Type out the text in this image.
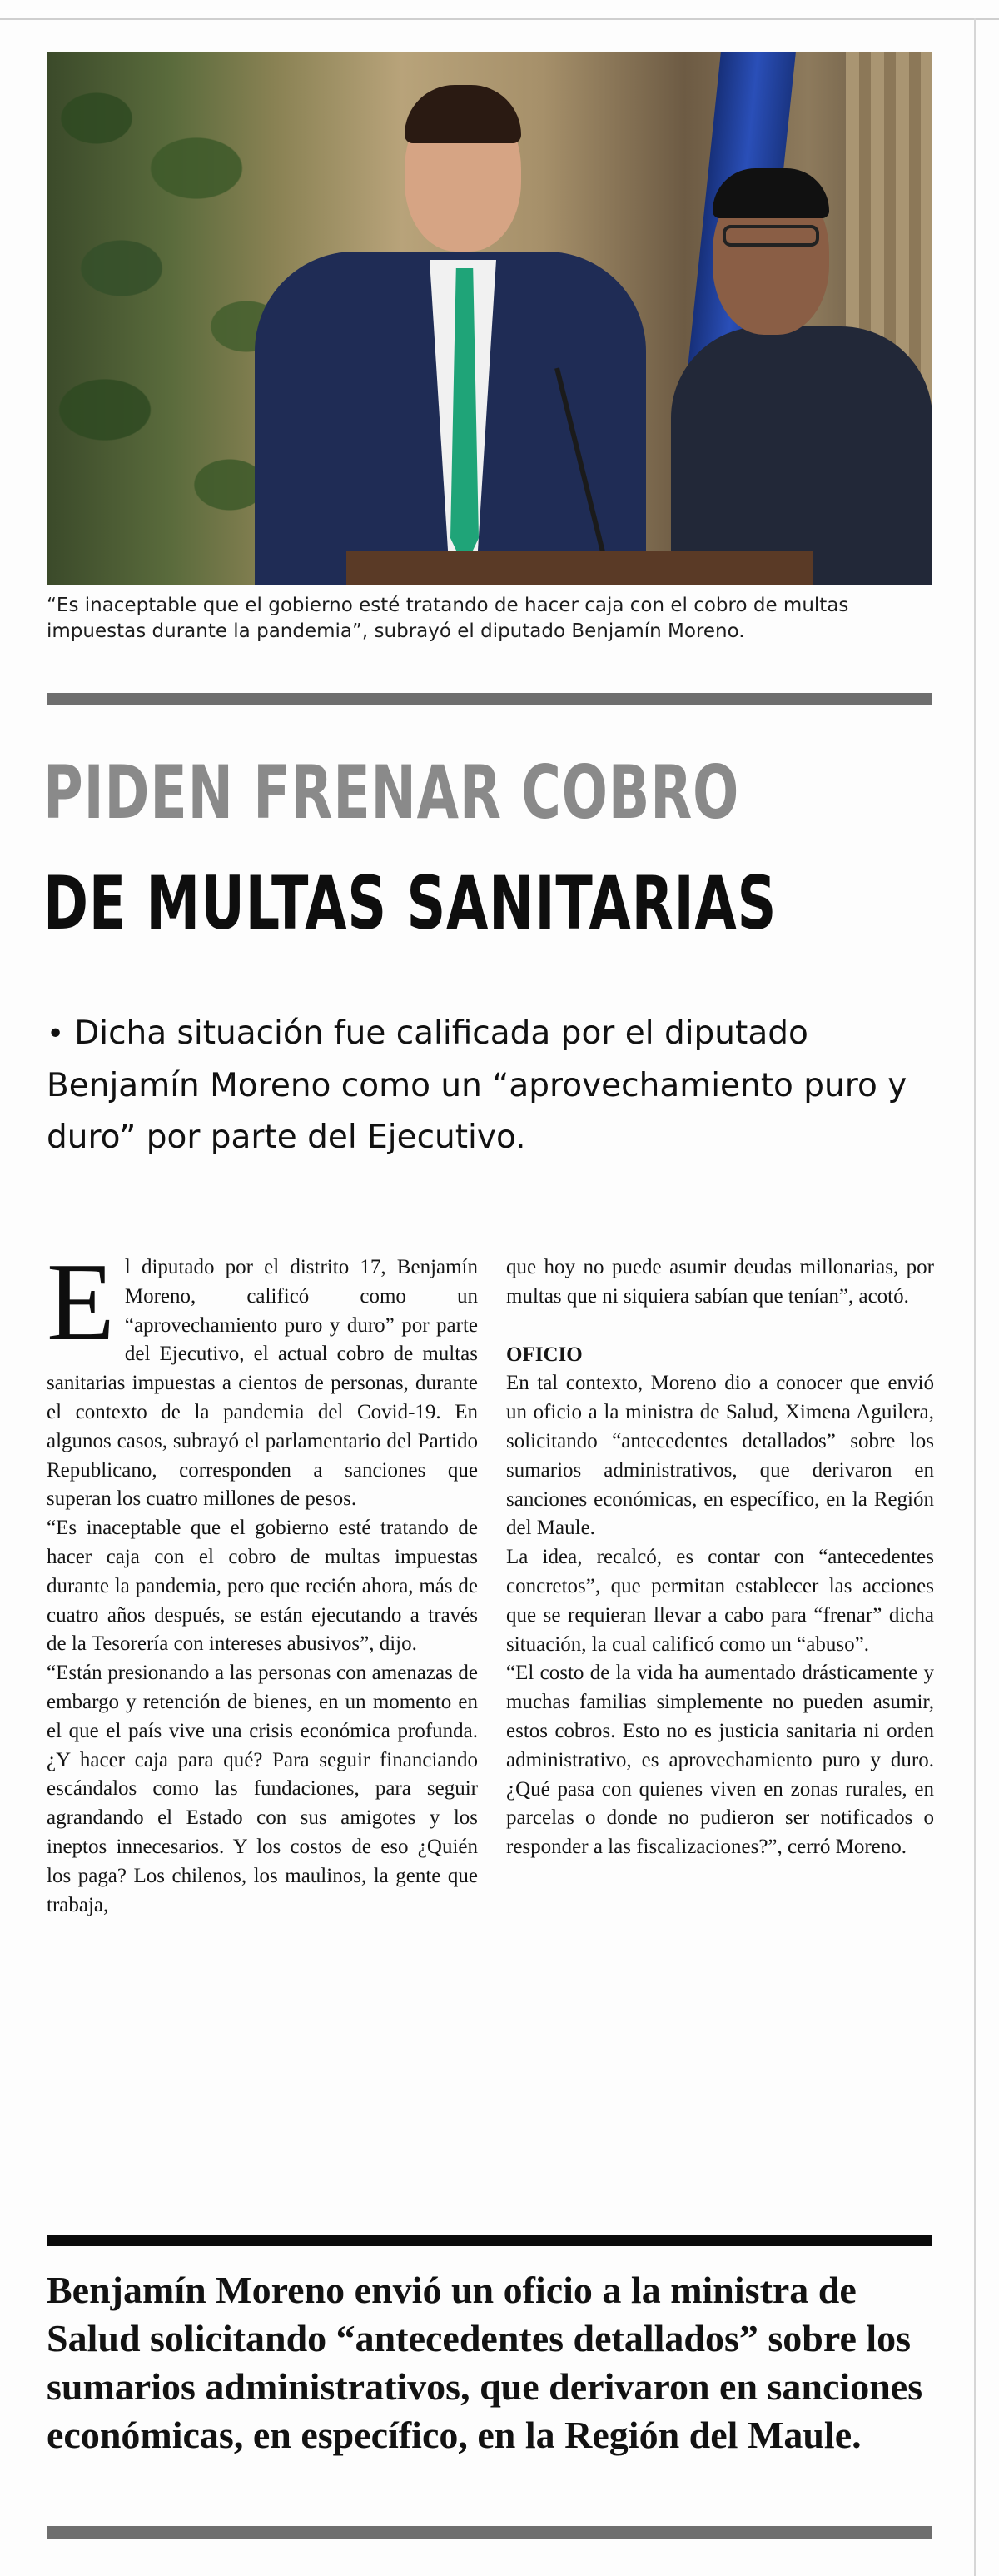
“Es inaceptable que el gobierno esté tratando de hacer caja con el cobro de multas impuestas durante la pandemia”, subrayó el diputado Benjamín Moreno.

PIDEN FRENAR COBRO
DE MULTAS SANITARIAS

• Dicha situación fue calificada por el diputado Benjamín Moreno como un “aprovechamiento puro y duro” por parte del Ejecutivo.

El diputado por el distrito 17, Benjamín Moreno, calificó como un “aprovechamiento puro y duro” por parte del Ejecutivo, el actual cobro de multas sanitarias impuestas a cientos de personas, durante el contexto de la pandemia del Covid-19. En algunos casos, subrayó el parlamentario del Partido Republicano, corresponden a sanciones que superan los cuatro millones de pesos.

“Es inaceptable que el gobierno esté tratando de hacer caja con el cobro de multas impuestas durante la pandemia, pero que recién ahora, más de cuatro años después, se están ejecutando a través de la Tesorería con intereses abusivos”, dijo.

“Están presionando a las personas con amenazas de embargo y retención de bienes, en un momento en el que el país vive una crisis económica profunda. ¿Y hacer caja para qué? Para seguir financiando escándalos como las fundaciones, para seguir agrandando el Estado con sus amigotes y los ineptos innecesarios. Y los costos de eso ¿Quién los paga? Los chilenos, los maulinos, la gente que trabaja,

que hoy no puede asumir deudas millonarias, por multas que ni siquiera sabían que tenían”, acotó.

OFICIO

En tal contexto, Moreno dio a conocer que envió un oficio a la ministra de Salud, Ximena Aguilera, solicitando “antecedentes detallados” sobre los sumarios administrativos, que derivaron en sanciones económicas, en específico, en la Región del Maule.

La idea, recalcó, es contar con “antecedentes concretos”, que permitan establecer las acciones que se requieran llevar a cabo para “frenar” dicha situación, la cual calificó como un “abuso”.

“El costo de la vida ha aumentado drásticamente y muchas familias simplemente no pueden asumir, estos cobros. Esto no es justicia sanitaria ni orden administrativo, es aprovechamiento puro y duro. ¿Qué pasa con quienes viven en zonas rurales, en parcelas o donde no pudieron ser notificados o responder a las fiscalizaciones?”, cerró Moreno.

Benjamín Moreno envió un oficio a la ministra de Salud solicitando “antecedentes detallados” sobre los sumarios administrativos, que derivaron en sanciones económicas, en específico, en la Región del Maule.
